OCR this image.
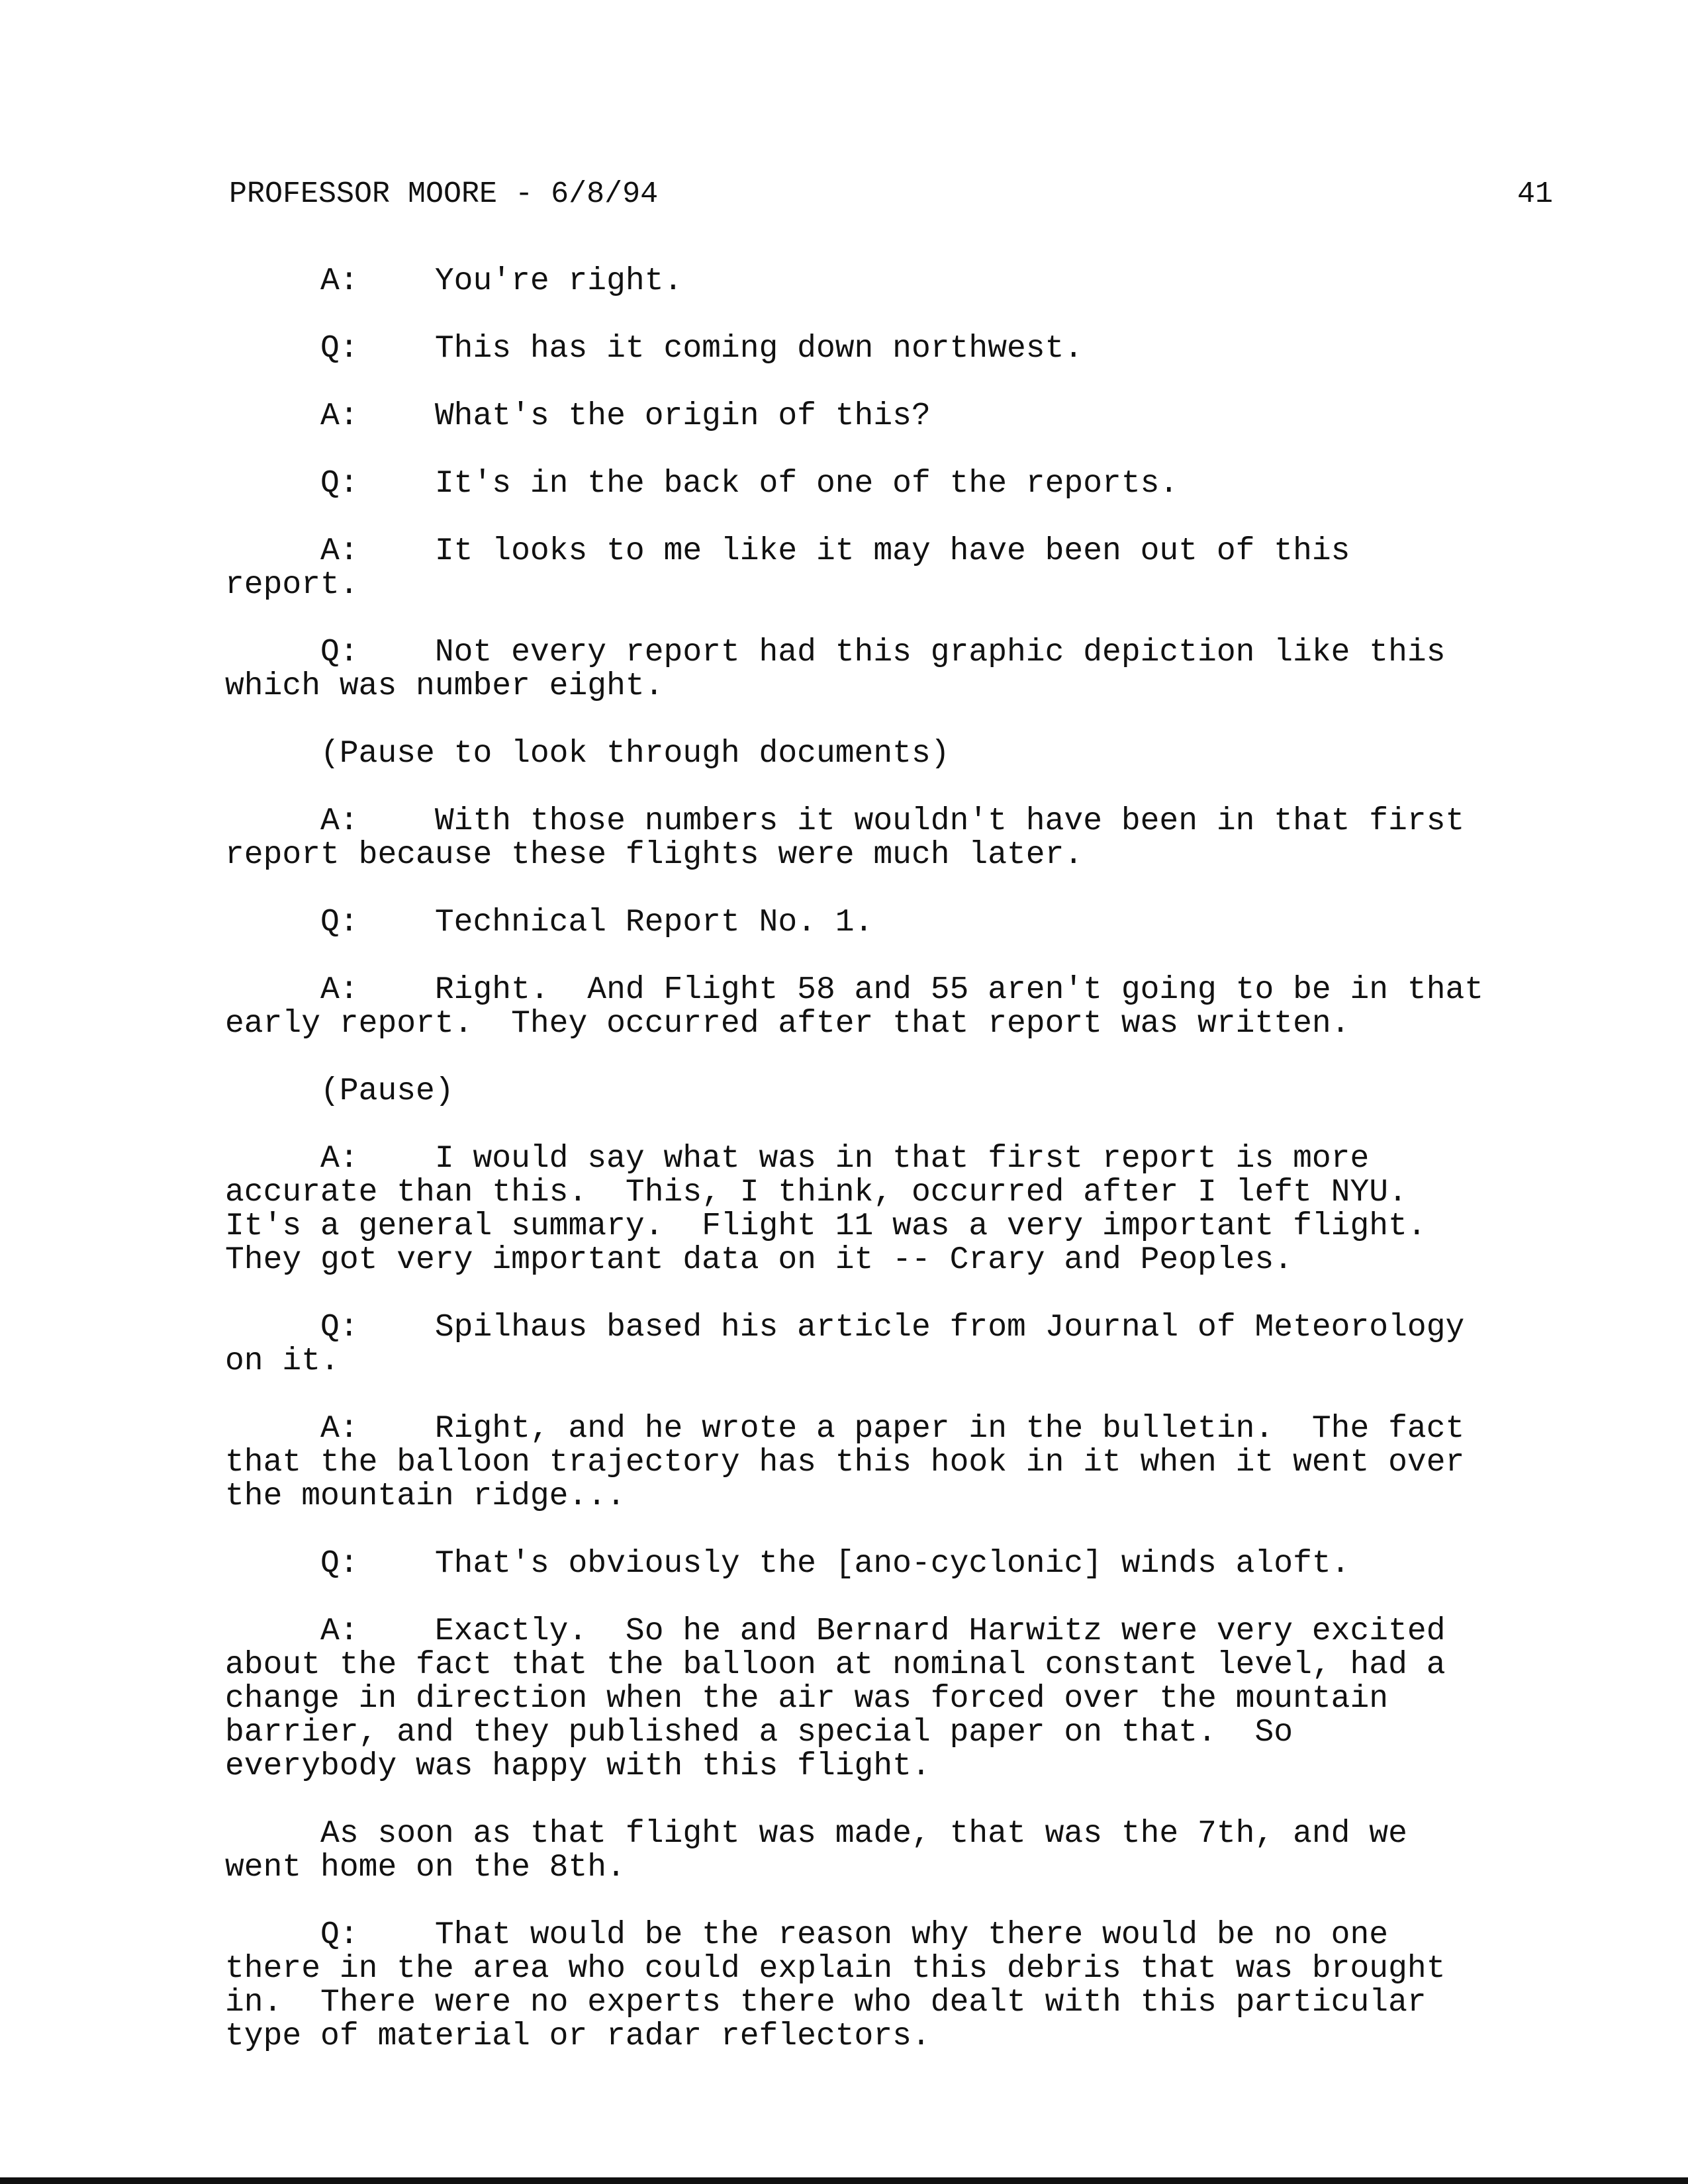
PROFESSOR MOORE - 6/8/94	41

A:    You're right.

Q:    This has it coming down northwest.

A:    What's the origin of this?

Q:    It's in the back of one of the reports.

A:    It looks to me like it may have been out of this
report.

Q:    Not every report had this graphic depiction like this
which was number eight.

(Pause to look through documents)

A:    With those numbers it wouldn't have been in that first
report because these flights were much later.

Q:    Technical Report No. 1.

A:    Right.  And Flight 58 and 55 aren't going to be in that
early report.  They occurred after that report was written.

(Pause)

A:    I would say what was in that first report is more
accurate than this.  This, I think, occurred after I left NYU.
It's a general summary.  Flight 11 was a very important flight.
They got very important data on it -- Crary and Peoples.

Q:    Spilhaus based his article from Journal of Meteorology
on it.

A:    Right, and he wrote a paper in the bulletin.  The fact
that the balloon trajectory has this hook in it when it went over
the mountain ridge...

Q:    That's obviously the [ano-cyclonic] winds aloft.

A:    Exactly.  So he and Bernard Harwitz were very excited
about the fact that the balloon at nominal constant level, had a
change in direction when the air was forced over the mountain
barrier, and they published a special paper on that.  So
everybody was happy with this flight.

As soon as that flight was made, that was the 7th, and we
went home on the 8th.

Q:    That would be the reason why there would be no one
there in the area who could explain this debris that was brought
in.  There were no experts there who dealt with this particular
type of material or radar reflectors.
